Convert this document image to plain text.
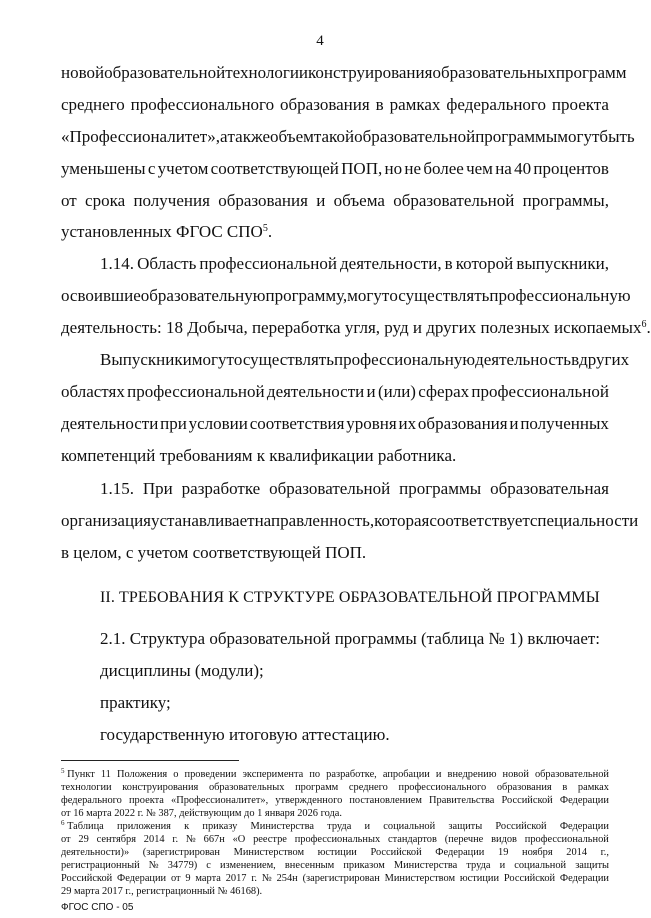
4
новой образовательной технологии конструирования образовательных программ
среднего профессионального образования в рамках федерального проекта
«Профессионалитет», а также объем такой образовательной программы могут быть
уменьшены с учетом соответствующей ПОП, но не более чем на 40 процентов
от срока получения образования и объема образовательной программы,
установленных ФГОС СПО$^5$.
1.14. Область профессиональной деятельности, в которой выпускники,
освоившие образовательную программу, могут осуществлять профессиональную
деятельность: 18 Добыча, переработка угля, руд и других полезных ископаемых$^6$.
Выпускники могут осуществлять профессиональную деятельность в других
областях профессиональной деятельности и (или) сферах профессиональной
деятельности при условии соответствия уровня их образования и полученных
компетенций требованиям к квалификации работника.
1.15. При разработке образовательной программы образовательная
организация устанавливает направленность, которая соответствует специальности
в целом, с учетом соответствующей ПОП.
II. ТРЕБОВАНИЯ К СТРУКТУРЕ ОБРАЗОВАТЕЛЬНОЙ ПРОГРАММЫ
2.1. Структура образовательной программы (таблица № 1) включает:
дисциплины (модули);
практику;
государственную итоговую аттестацию.
$^5$ Пункт 11 Положения о проведении эксперимента по разработке, апробации и внедрению новой образовательной
технологии конструирования образовательных программ среднего профессионального образования в рамках
федерального проекта «Профессионалитет», утвержденного постановлением Правительства Российской Федерации
от 16 марта 2022 г. № 387, действующим до 1 января 2026 года.
$^6$ Таблица приложения к приказу Министерства труда и социальной защиты Российской Федерации
от 29 сентября 2014 г. № 667н «О реестре профессиональных стандартов (перечне видов профессиональной
деятельности)» (зарегистрирован Министерством юстиции Российской Федерации 19 ноября 2014 г.,
регистрационный № 34779) с изменением, внесенным приказом Министерства труда и социальной защиты
Российской Федерации от 9 марта 2017 г. № 254н (зарегистрирован Министерством юстиции Российской Федерации
29 марта 2017 г., регистрационный № 46168).
ФГОС СПО - 05
